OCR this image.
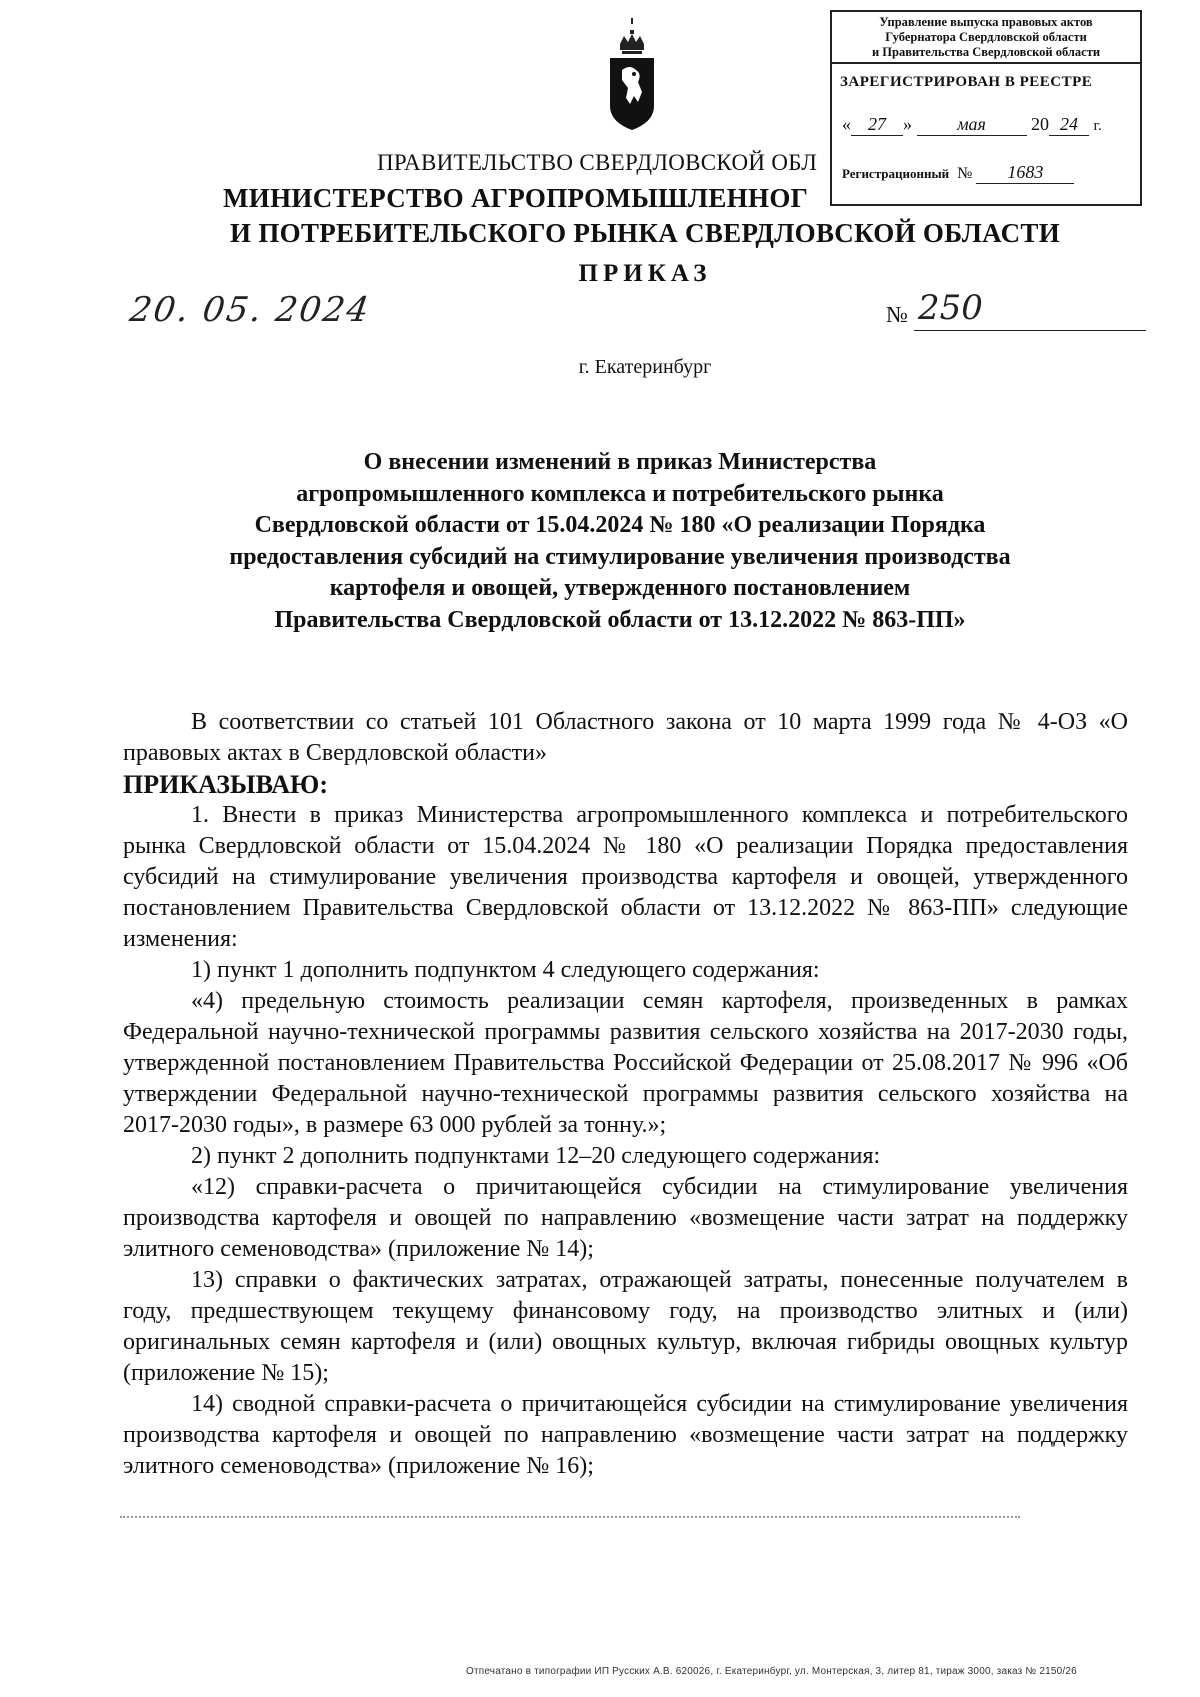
Управление выпуска правовых актов
Губернатора Свердловской области
и Правительства Свердловской области
ЗАРЕГИСТРИРОВАН В РЕЕСТРЕ
« 27 »	мая	20 24 г.
Регистрационный № 1683
ПРАВИТЕЛЬСТВО СВЕРДЛОВСКОЙ ОБЛ
МИНИСТЕРСТВО АГРОПРОМЫШЛЕННОГ
И ПОТРЕБИТЕЛЬСКОГО РЫНКА СВЕРДЛОВСКОЙ ОБЛАСТИ
ПРИКАЗ
20. 05. 2024	№ 250
г. Екатеринбург
О внесении изменений в приказ Министерства
агропромышленного комплекса и потребительского рынка
Свердловской области от 15.04.2024 № 180 «О реализации Порядка
предоставления субсидий на стимулирование увеличения производства
картофеля и овощей, утвержденного постановлением
Правительства Свердловской области от 13.12.2022 № 863-ПП»

В соответствии со статьей 101 Областного закона от 10 марта 1999 года № 4-ОЗ «О правовых актах в Свердловской области»

ПРИКАЗЫВАЮ:

1. Внести в приказ Министерства агропромышленного комплекса и потребительского рынка Свердловской области от 15.04.2024 № 180 «О реализации Порядка предоставления субсидий на стимулирование увеличения производства картофеля и овощей, утвержденного постановлением Правительства Свердловской области от 13.12.2022 № 863-ПП» следующие изменения:

1) пункт 1 дополнить подпунктом 4 следующего содержания:

«4) предельную стоимость реализации семян картофеля, произведенных в рамках Федеральной научно-технической программы развития сельского хозяйства на 2017-2030 годы, утвержденной постановлением Правительства Российской Федерации от 25.08.2017 № 996 «Об утверждении Федеральной научно-технической программы развития сельского хозяйства на 2017-2030 годы», в размере 63 000 рублей за тонну.»;

2) пункт 2 дополнить подпунктами 12–20 следующего содержания:

«12) справки-расчета о причитающейся субсидии на стимулирование увеличения производства картофеля и овощей по направлению «возмещение части затрат на поддержку элитного семеноводства» (приложение № 14);

13) справки о фактических затратах, отражающей затраты, понесенные получателем в году, предшествующем текущему финансовому году, на производство элитных и (или) оригинальных семян картофеля и (или) овощных культур, включая гибриды овощных культур (приложение № 15);

14) сводной справки-расчета о причитающейся субсидии на стимулирование увеличения производства картофеля и овощей по направлению «возмещение части затрат на поддержку элитного семеноводства» (приложение № 16);

Отпечатано в типографии ИП Русских А.В. 620026, г. Екатеринбург, ул. Монтерская, 3, литер 81, тираж 3000, заказ № 2150/26
